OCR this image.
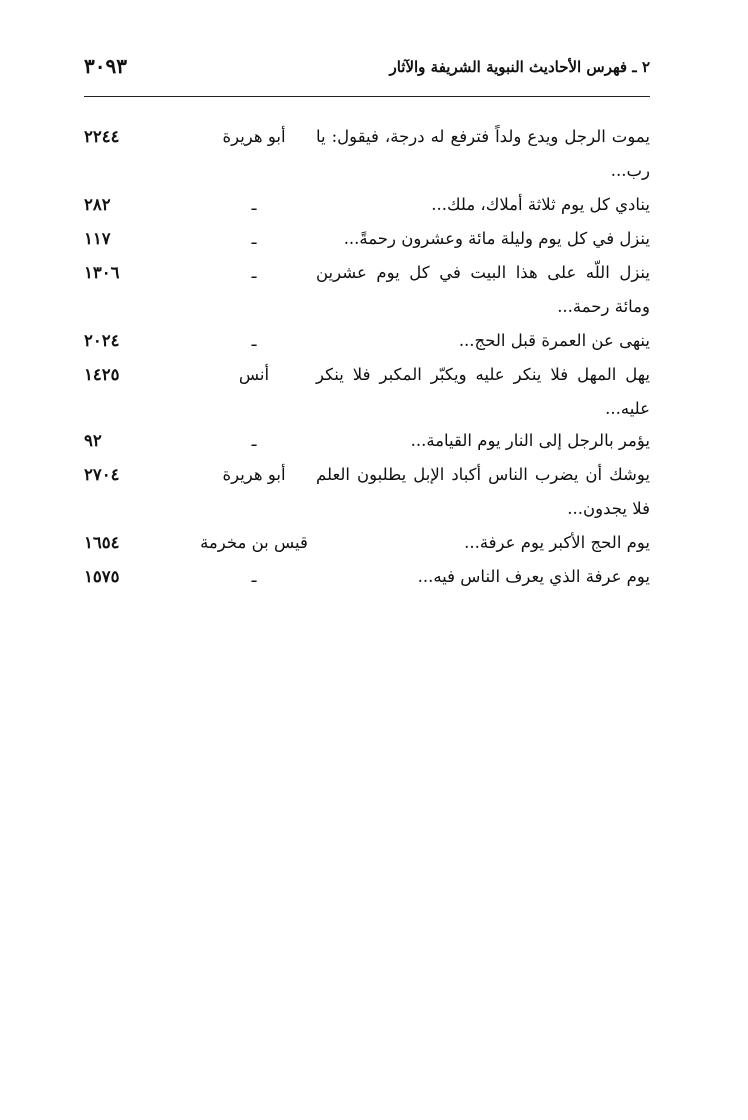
٣٠٩٣	٢ ـ فهرس الأحاديث النبوية الشريفة والآثار
يموت الرجل ويدع ولداً فترفع له درجة، فيقول: يا رب...
أبو هريرة
٢٢٤٤
ينادي كل يوم ثلاثة أملاك، ملك...
ـ
٢٨٢
ينزل في كل يوم وليلة مائة وعشرون رحمةً...
ـ
١١٧
ينزل اللّه على هذا البيت في كل يوم عشرين ومائة رحمة...
ـ
١٣٠٦
ينهى عن العمرة قبل الحج...
ـ
٢٠٢٤
يهل المهل فلا ينكر عليه ويكبّر المكبر فلا ينكر عليه...
أنس
١٤٢٥
يؤمر بالرجل إلى النار يوم القيامة...
ـ
٩٢
يوشك أن يضرب الناس أكباد الإبل يطلبون العلم فلا يجدون...
أبو هريرة
٢٧٠٤
يوم الحج الأكبر يوم عرفة...
قيس بن مخرمة
١٦٥٤
يوم عرفة الذي يعرف الناس فيه...
ـ
١٥٧٥
